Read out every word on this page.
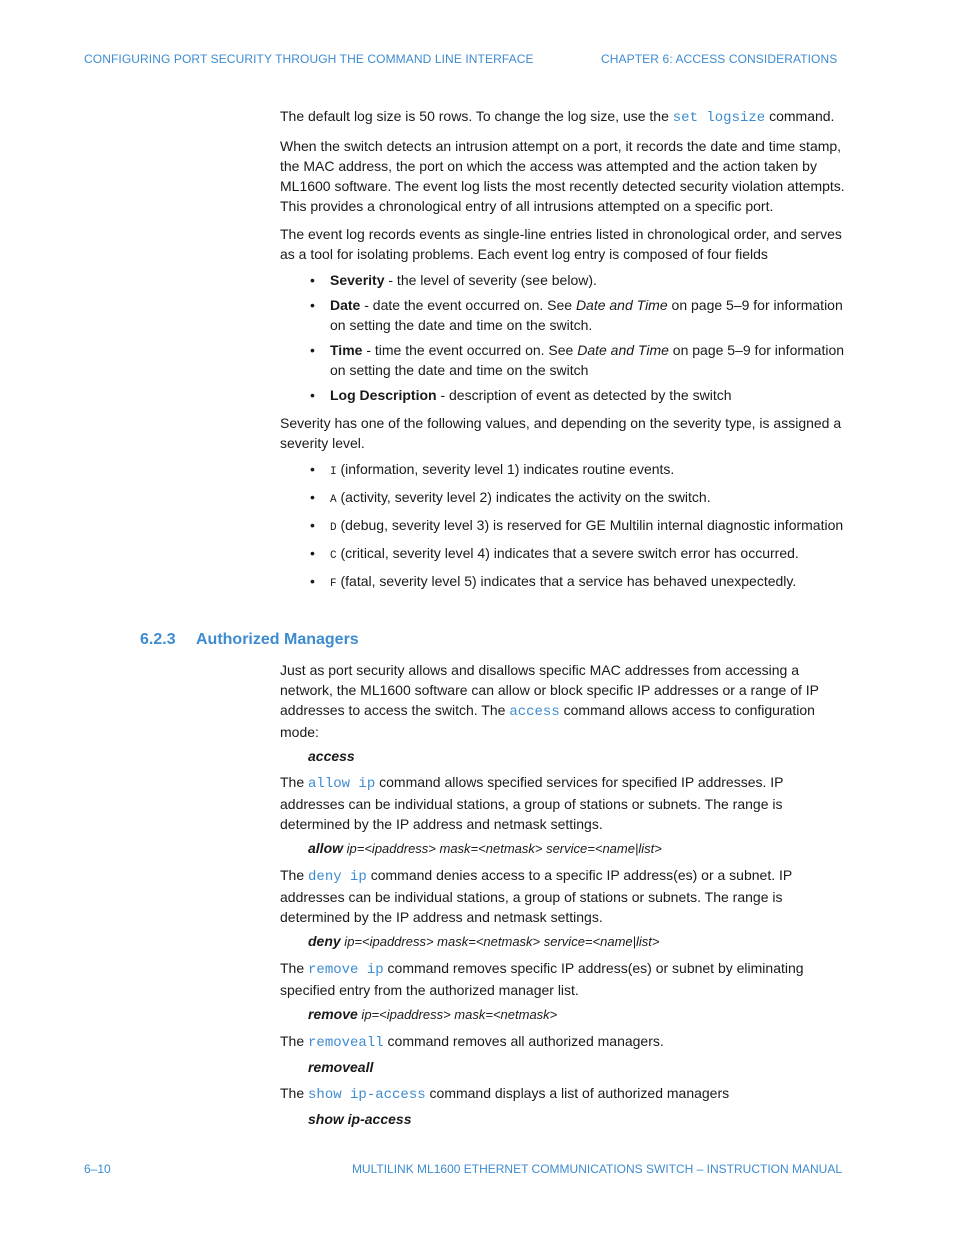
CONFIGURING PORT SECURITY THROUGH THE COMMAND LINE INTERFACE	CHAPTER 6: ACCESS CONSIDERATIONS

The default log size is 50 rows. To change the log size, use the set logsize command.

When the switch detects an intrusion attempt on a port, it records the date and time stamp, the MAC address, the port on which the access was attempted and the action taken by ML1600 software. The event log lists the most recently detected security violation attempts. This provides a chronological entry of all intrusions attempted on a specific port.

The event log records events as single-line entries listed in chronological order, and serves as a tool for isolating problems. Each event log entry is composed of four fields

• Severity - the level of severity (see below).
• Date - date the event occurred on. See Date and Time on page 5–9 for information on setting the date and time on the switch.
• Time - time the event occurred on. See Date and Time on page 5–9 for information on setting the date and time on the switch
• Log Description - description of event as detected by the switch

Severity has one of the following values, and depending on the severity type, is assigned a severity level.

• I (information, severity level 1) indicates routine events.
• A (activity, severity level 2) indicates the activity on the switch.
• D (debug, severity level 3) is reserved for GE Multilin internal diagnostic information
• C (critical, severity level 4) indicates that a severe switch error has occurred.
• F (fatal, severity level 5) indicates that a service has behaved unexpectedly.
6.2.3 Authorized Managers

Just as port security allows and disallows specific MAC addresses from accessing a network, the ML1600 software can allow or block specific IP addresses or a range of IP addresses to access the switch. The access command allows access to configuration mode:

access

The allow ip command allows specified services for specified IP addresses. IP addresses can be individual stations, a group of stations or subnets. The range is determined by the IP address and netmask settings.

allow ip=<ipaddress> mask=<netmask> service=<name|list>

The deny ip command denies access to a specific IP address(es) or a subnet. IP addresses can be individual stations, a group of stations or subnets. The range is determined by the IP address and netmask settings.

deny ip=<ipaddress> mask=<netmask> service=<name|list>

The remove ip command removes specific IP address(es) or subnet by eliminating specified entry from the authorized manager list.

remove ip=<ipaddress> mask=<netmask>

The removeall command removes all authorized managers.

removeall

The show ip-access command displays a list of authorized managers

show ip-access
6–10	MULTILINK ML1600 ETHERNET COMMUNICATIONS SWITCH – INSTRUCTION MANUAL
